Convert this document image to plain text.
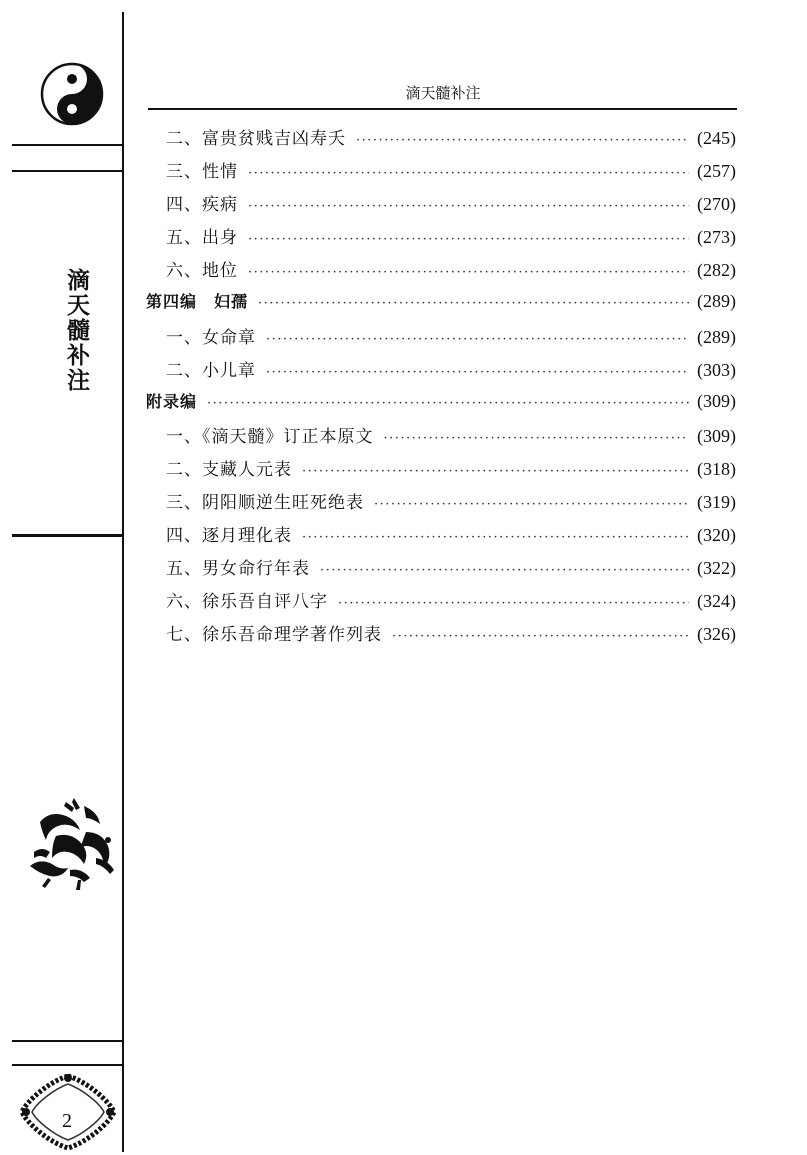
滴天髓补注
2
滴天髓补注
二、富贵贫贱吉凶寿夭 ·····	(245)
三、性情 ·····	(257)
四、疾病 ·····	(270)
五、出身 ·····	(273)
六、地位 ·····	(282)
第四编　妇孺 ·····	(289)
一、女命章 ·····	(289)
二、小儿章 ·····	(303)
附录编 ·····	(309)
一、《滴天髓》订正本原文 ·····	(309)
二、支藏人元表 ·····	(318)
三、阴阳顺逆生旺死绝表 ·····	(319)
四、逐月理化表 ·····	(320)
五、男女命行年表 ·····	(322)
六、徐乐吾自评八字 ·····	(324)
七、徐乐吾命理学著作列表 ·····	(326)
